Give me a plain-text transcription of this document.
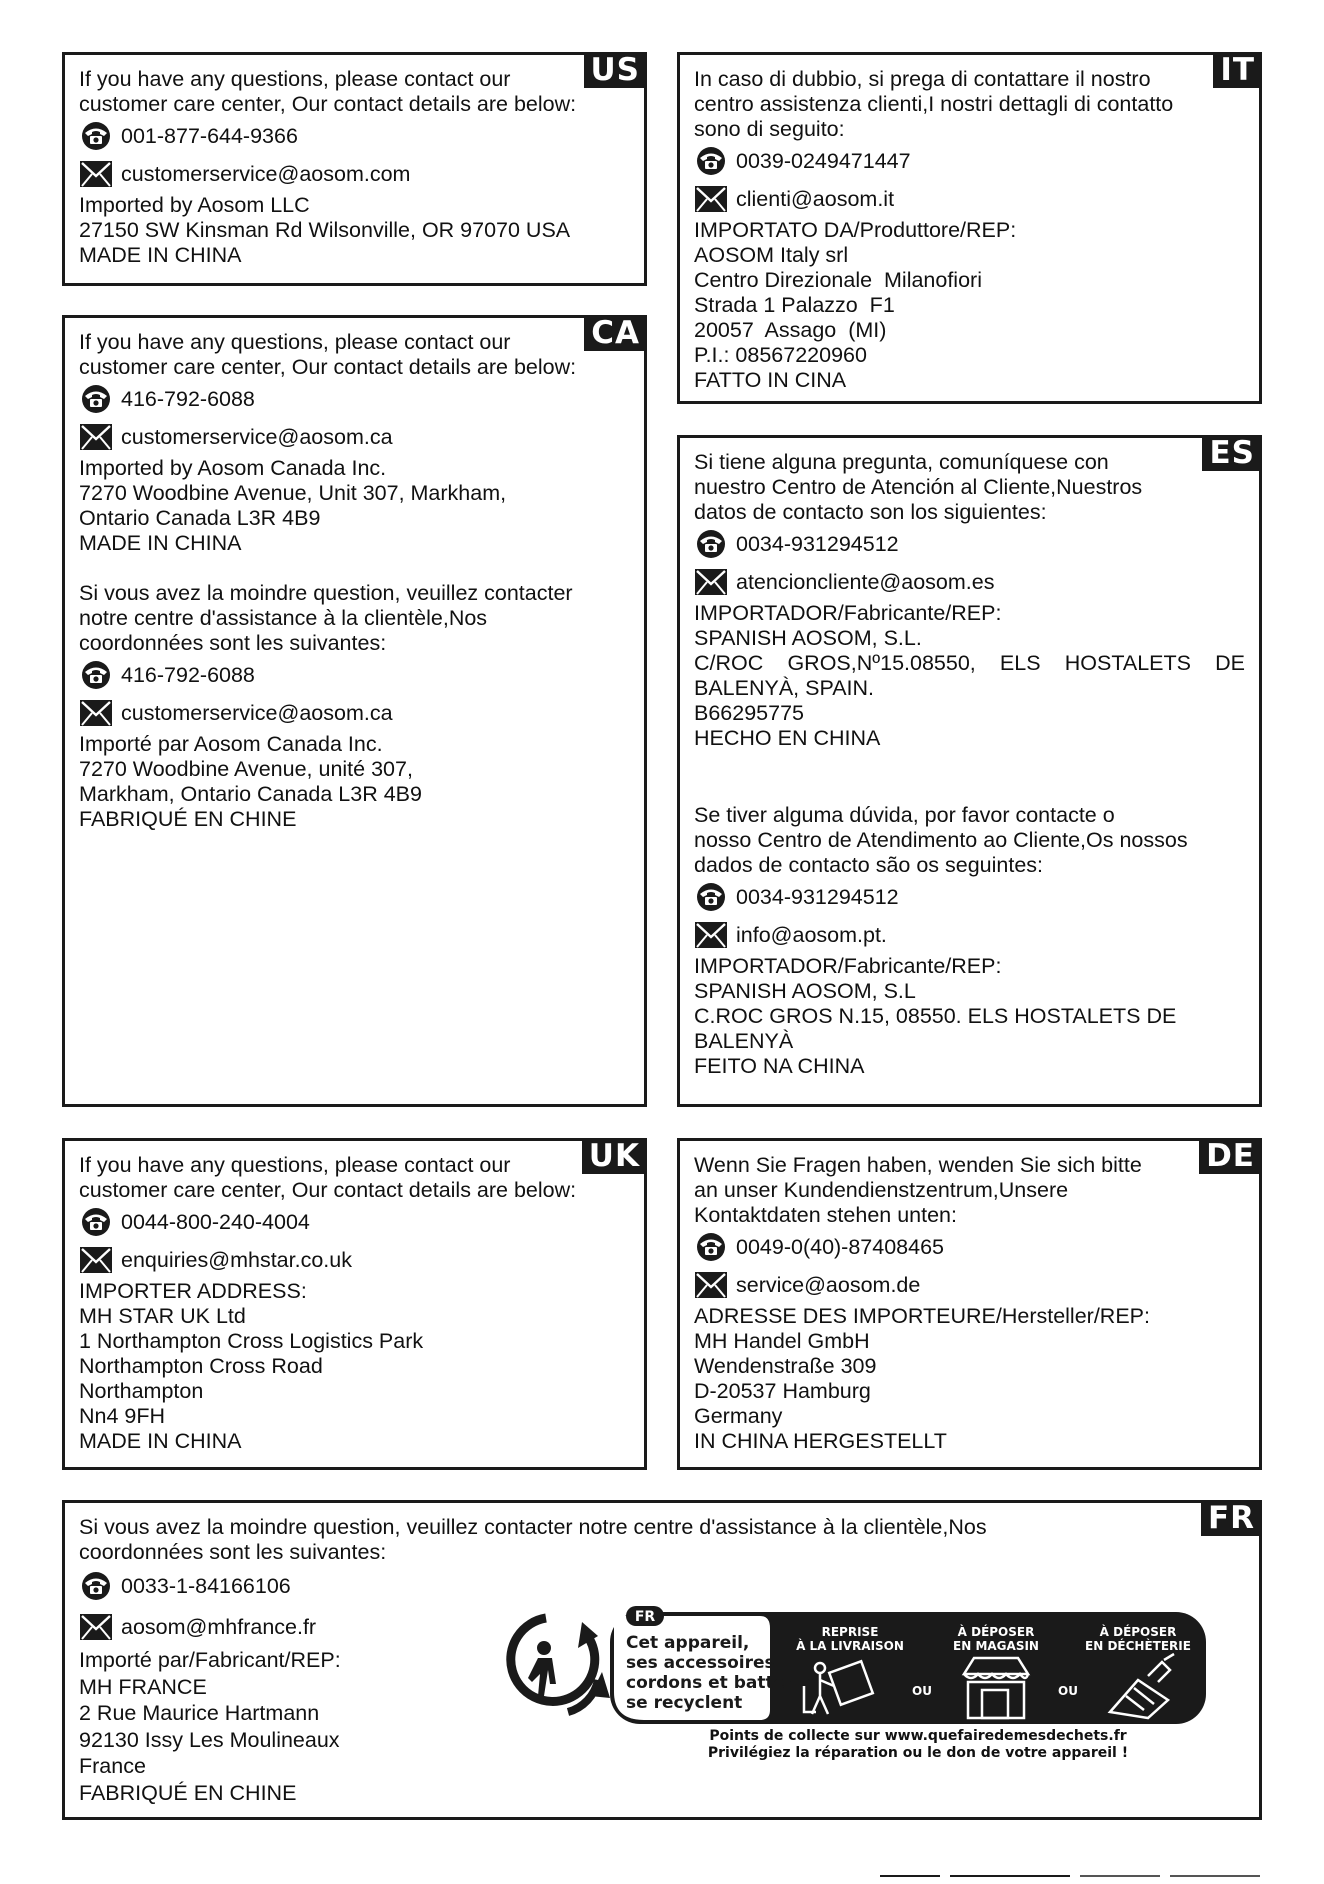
US
If you have any questions, please contact our
customer care center, Our contact details are below:
001-877-644-9366
customerservice@aosom.com
Imported by Aosom LLC
27150 SW Kinsman Rd Wilsonville, OR 97070 USA
MADE IN CHINA
CA
If you have any questions, please contact our
customer care center, Our contact details are below:
416-792-6088
customerservice@aosom.ca
Imported by Aosom Canada Inc.
7270 Woodbine Avenue, Unit 307, Markham,
Ontario Canada L3R 4B9
MADE IN CHINA
Si vous avez la moindre question, veuillez contacter
notre centre d'assistance à la clientèle,Nos
coordonnées sont les suivantes:
416-792-6088
customerservice@aosom.ca
Importé par Aosom Canada Inc.
7270 Woodbine Avenue, unité 307,
Markham, Ontario Canada L3R 4B9
FABRIQUÉ EN CHINE
IT
In caso di dubbio, si prega di contattare il nostro
centro assistenza clienti,I nostri dettagli di contatto
sono di seguito:
0039-0249471447
clienti@aosom.it
IMPORTATO DA/Produttore/REP:
AOSOM Italy srl
Centro Direzionale  Milanofiori
Strada 1 Palazzo  F1
20057  Assago  (MI)
P.I.: 08567220960
FATTO IN CINA
ES
Si tiene alguna pregunta, comuníquese con
nuestro Centro de Atención al Cliente,Nuestros
datos de contacto son los siguientes:
0034-931294512
atencioncliente@aosom.es
IMPORTADOR/Fabricante/REP:
SPANISH AOSOM, S.L.
C/ROC GROS,Nº15.08550, ELS HOSTALETS DE
BALENYÀ, SPAIN.
B66295775
HECHO EN CHINA
Se tiver alguma dúvida, por favor contacte o
nosso Centro de Atendimento ao Cliente,Os nossos
dados de contacto são os seguintes:
0034-931294512
info@aosom.pt.
IMPORTADOR/Fabricante/REP:
SPANISH AOSOM, S.L
C.ROC GROS N.15, 08550. ELS HOSTALETS DE
BALENYÀ
FEITO NA CHINA
UK
If you have any questions, please contact our
customer care center, Our contact details are below:
0044-800-240-4004
enquiries@mhstar.co.uk
IMPORTER ADDRESS:
MH STAR UK Ltd
1 Northampton Cross Logistics Park
Northampton Cross Road
Northampton
Nn4 9FH
MADE IN CHINA
DE
Wenn Sie Fragen haben, wenden Sie sich bitte
an unser Kundendienstzentrum,Unsere
Kontaktdaten stehen unten:
0049-0(40)-87408465
service@aosom.de
ADRESSE DES IMPORTEURE/Hersteller/REP:
MH Handel GmbH
Wendenstraße 309
D-20537 Hamburg
Germany
IN CHINA HERGESTELLT
FR
Si vous avez la moindre question, veuillez contacter notre centre d'assistance à la clientèle,Nos
coordonnées sont les suivantes:
0033-1-84166106
aosom@mhfrance.fr
Importé par/Fabricant/REP:
MH FRANCE
2 Rue Maurice Hartmann
92130 Issy Les Moulineaux
France
FABRIQUÉ EN CHINE
FR
Cet appareil,
ses accessoires,
cordons et batteries
se recyclent
REPRISE
À LA LIVRAISON
À DÉPOSER
EN MAGASIN
À DÉPOSER
EN DÉCHÈTERIE
OU	OU
Points de collecte sur www.quefairedemesdechets.fr
Privilégiez la réparation ou le don de votre appareil !
